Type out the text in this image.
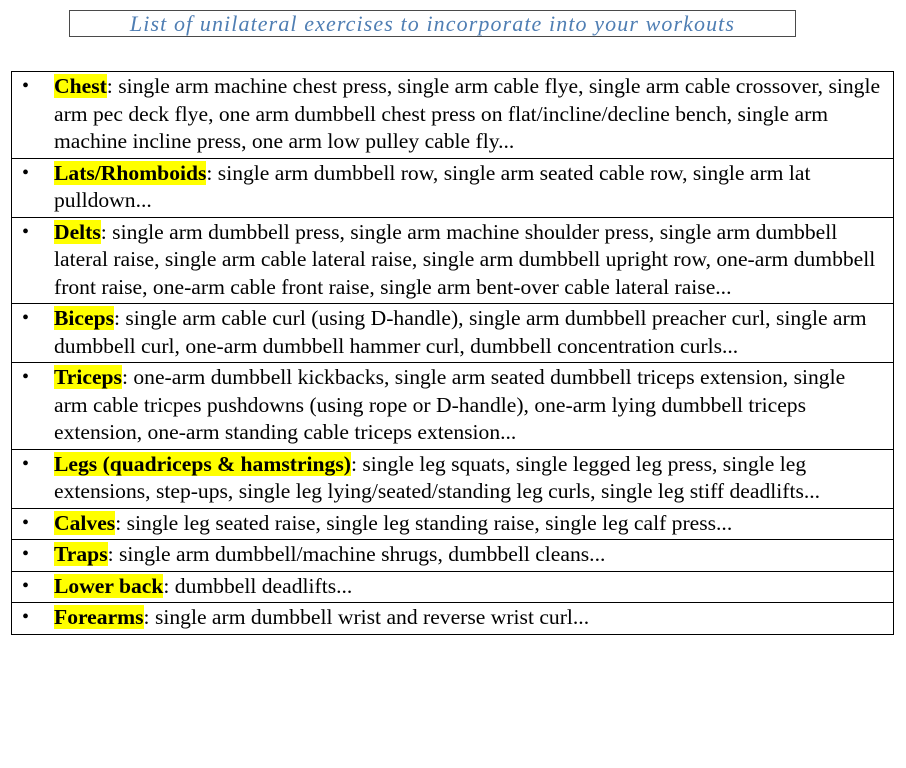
List of unilateral exercises to incorporate into your workouts
• Chest: single arm machine chest press, single arm cable flye, single arm cable crossover, single arm pec deck flye, one arm dumbbell chest press on flat/incline/decline bench, single arm machine incline press, one arm low pulley cable fly...

• Lats/Rhomboids: single arm dumbbell row, single arm seated cable row, single arm lat pulldown...

• Delts: single arm dumbbell press, single arm machine shoulder press, single arm dumbbell lateral raise, single arm cable lateral raise, single arm dumbbell upright row, one-arm dumbbell front raise, one-arm cable front raise, single arm bent-over cable lateral raise...

• Biceps: single arm cable curl (using D-handle), single arm dumbbell preacher curl, single arm dumbbell curl, one-arm dumbbell hammer curl, dumbbell concentration curls...

• Triceps: one-arm dumbbell kickbacks, single arm seated dumbbell triceps extension, single arm cable tricpes pushdowns (using rope or D-handle), one-arm lying dumbbell triceps extension, one-arm standing cable triceps extension...

• Legs (quadriceps & hamstrings): single leg squats, single legged leg press, single leg extensions, step-ups, single leg lying/seated/standing leg curls, single leg stiff deadlifts...

• Calves: single leg seated raise, single leg standing raise, single leg calf press...

• Traps: single arm dumbbell/machine shrugs, dumbbell cleans...

• Lower back: dumbbell deadlifts...

• Forearms: single arm dumbbell wrist and reverse wrist curl...
